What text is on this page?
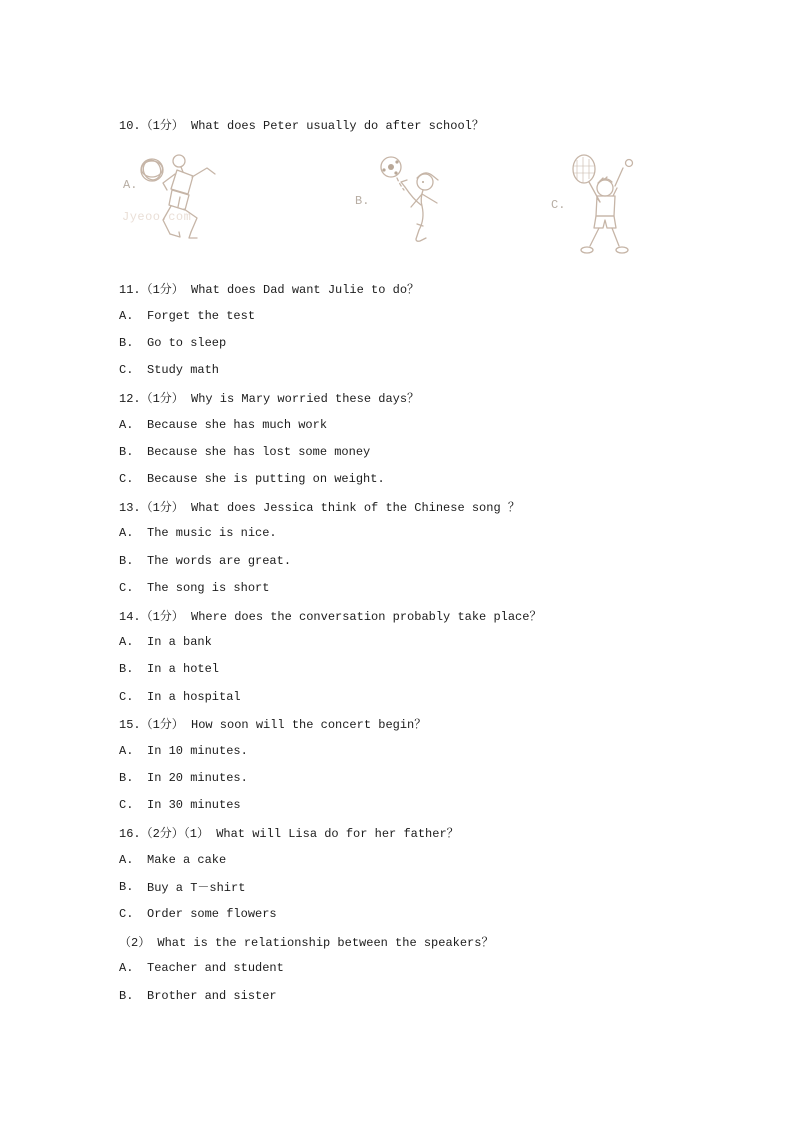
10.（1分） What does Peter usually do after school？
Jyeoo.com
A.
B.	C.
11.（1分） What does Dad want Julie to do？
A.	Forget the test
B.	Go to sleep
C.	Study math
12.（1分） Why is Mary worried these days？
A.	Because she has much work
B.	Because she has lost some money
C.	Because she is putting on weight.
13.（1分） What does Jessica think of the Chinese song ？
A.	The music is nice.
B.	The words are great.
C.	The song is short
14.（1分） Where does the conversation probably take place？
A.	In a bank
B.	In a hotel
C.	In a hospital
15.（1分） How soon will the concert begin？
A.	In 10 minutes.
B.	In 20 minutes.
C.	In 30 minutes
16.（2分）（1） What will Lisa do for her father？
A.	Make a cake
B.	Buy a T－shirt
C.	Order some flowers
（2） What is the relationship between the speakers？
A.	Teacher and student
B.	Brother and sister
